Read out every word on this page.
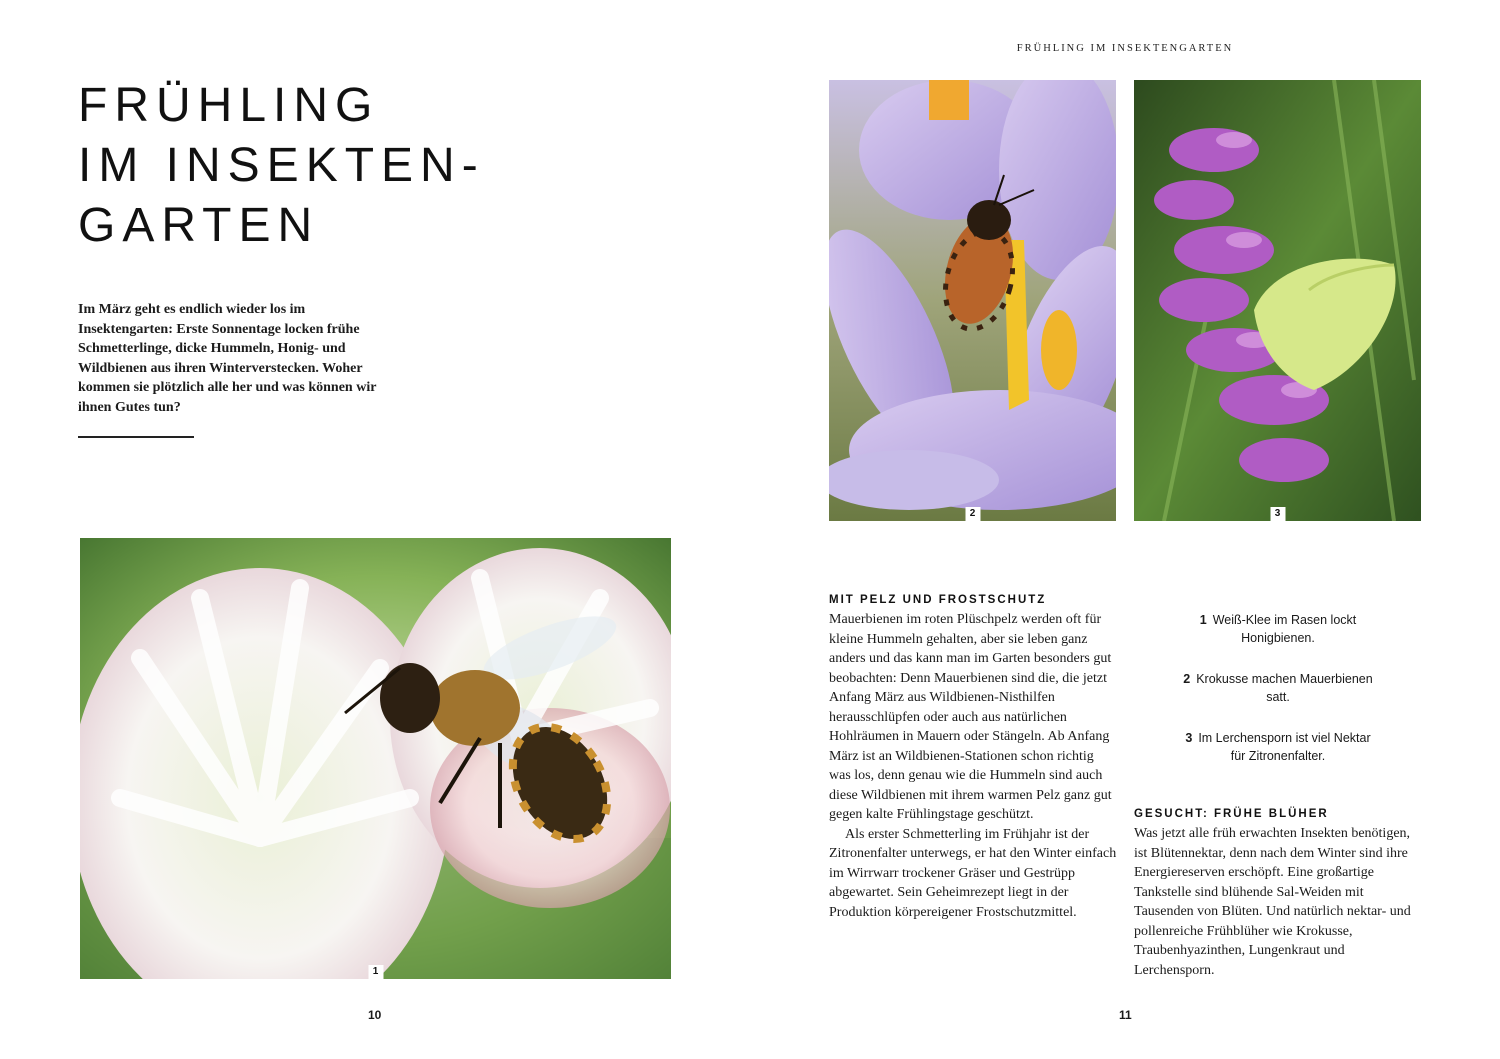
FRÜHLING
IM INSEKTEN-
GARTEN

Im März geht es endlich wieder los im Insektengarten: Erste Sonnentage locken frühe Schmetterlinge, dicke Hummeln, Honig- und Wildbienen aus ihren Winterverstecken. Woher kommen sie plötzlich alle her und was können wir ihnen Gutes tun?

1
10
FRÜHLING IM INSEKTENGARTEN
2	3
MIT PELZ UND FROSTSCHUTZ

Mauerbienen im roten Plüschpelz werden oft für kleine Hummeln gehalten, aber sie leben ganz anders und das kann man im Garten besonders gut beobachten: Denn Mauerbienen sind die, die jetzt Anfang März aus Wildbienen-Nisthilfen herausschlüpfen oder auch aus natürlichen Hohlräumen in Mauern oder Stängeln. Ab Anfang März ist an Wildbienen-Stationen schon richtig was los, denn genau wie die Hummeln sind auch diese Wildbienen mit ihrem warmen Pelz ganz gut gegen kalte Frühlingstage geschützt.

Als erster Schmetterling im Frühjahr ist der Zitronenfalter unterwegs, er hat den Winter einfach im Wirrwarr trockener Gräser und Gestrüpp abgewartet. Sein Geheimrezept liegt in der Produktion körpereigener Frostschutzmittel.

1 Weiß-Klee im Rasen lockt Honigbienen.
2 Krokusse machen Mauerbienen satt.
3 Im Lerchensporn ist viel Nektar für Zitronenfalter.
GESUCHT: FRÜHE BLÜHER

Was jetzt alle früh erwachten Insekten benötigen, ist Blütennektar, denn nach dem Winter sind ihre Energiereserven erschöpft. Eine großartige Tankstelle sind blühende Sal-Weiden mit Tausenden von Blüten. Und natürlich nektar- und pollenreiche Frühblüher wie Krokusse, Traubenhyazinthen, Lungenkraut und Lerchensporn.

11
